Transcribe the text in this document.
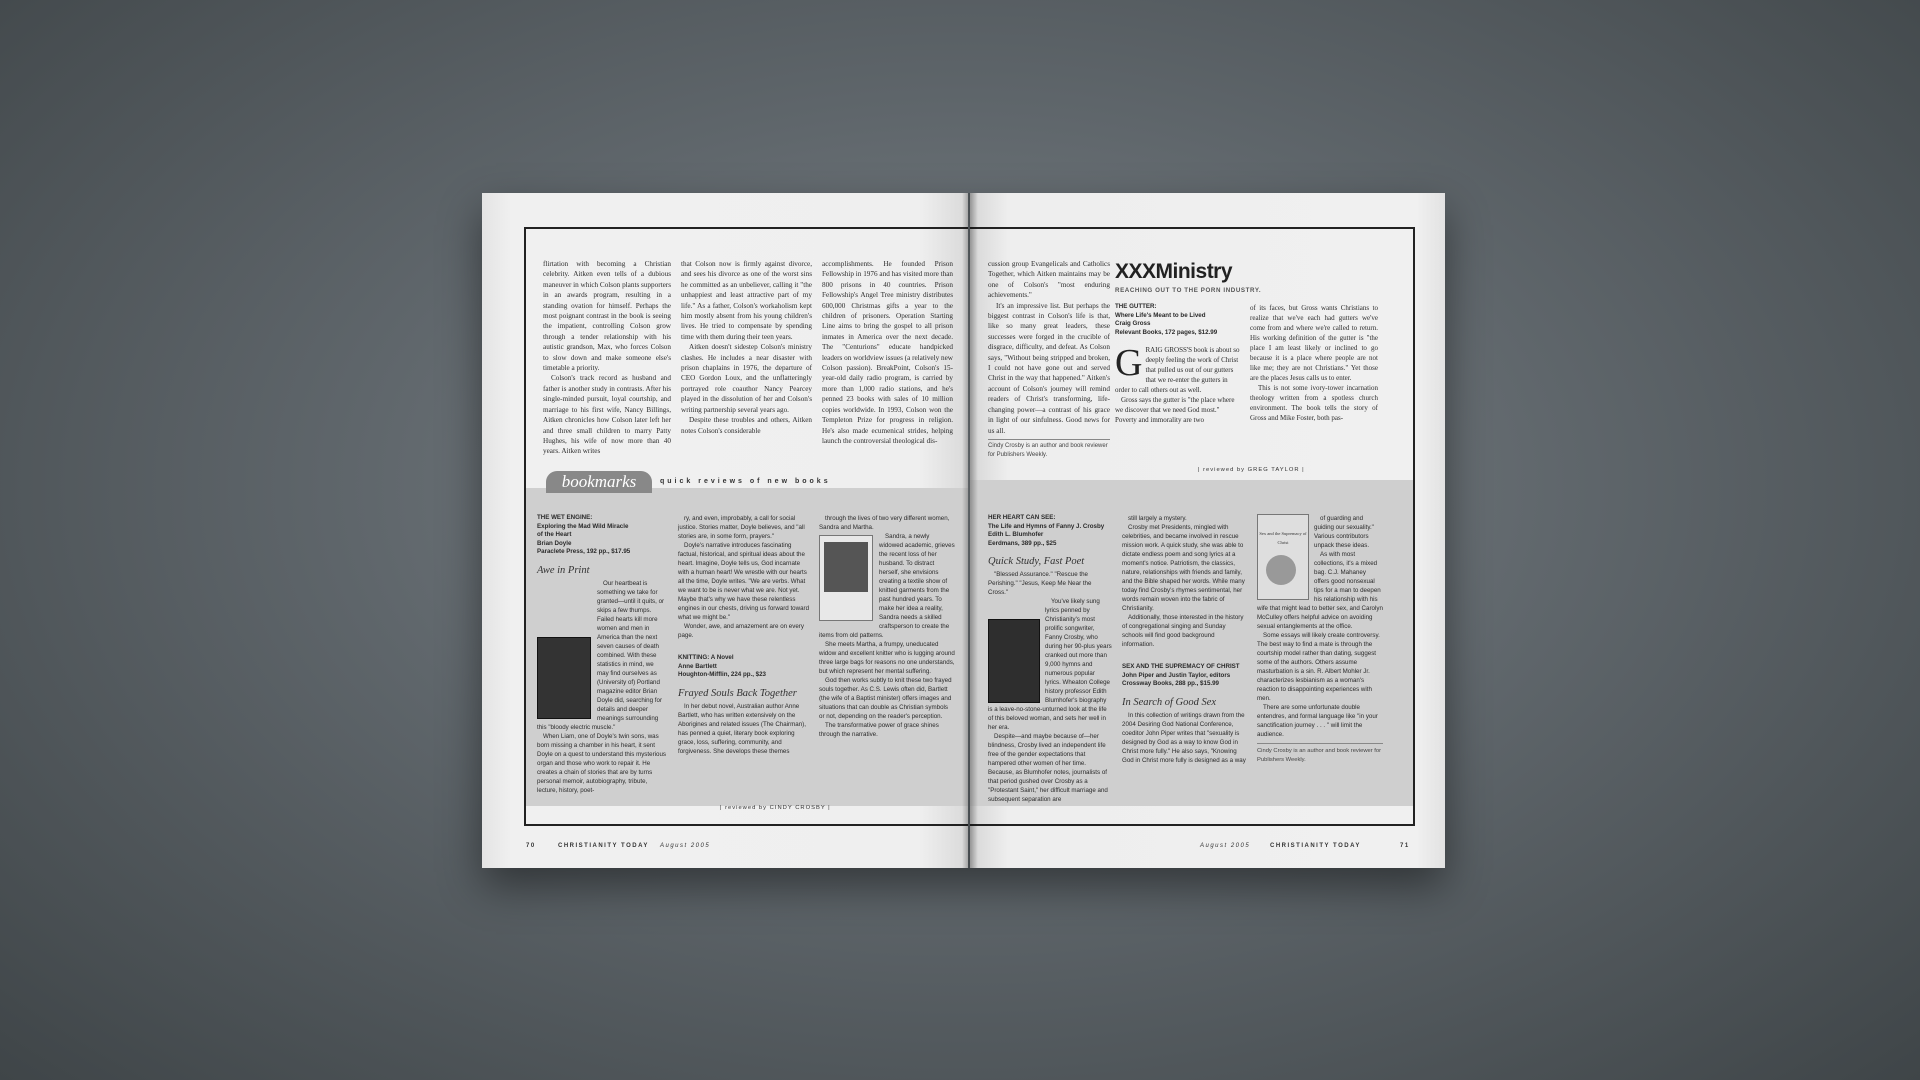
flirtation with becoming a Christian celebrity. Aitken even tells of a dubious maneuver in which Colson plants supporters in an awards program, resulting in a standing ovation for himself. Perhaps the most poignant contrast in the book is seeing the impatient, controlling Colson grow through a tender relationship with his autistic grandson, Max, who forces Colson to slow down and make someone else's timetable a priority.

Colson's track record as husband and father is another study in contrasts. After his single-minded pursuit, loyal courtship, and marriage to his first wife, Nancy Billings, Aitken chronicles how Colson later left her and three small children to marry Patty Hughes, his wife of now more than 40 years. Aitken writes

that Colson now is firmly against divorce, and sees his divorce as one of the worst sins he committed as an unbeliever, calling it "the unhappiest and least attractive part of my life." As a father, Colson's workaholism kept him mostly absent from his young children's lives. He tried to compensate by spending time with them during their teen years.

Aitken doesn't sidestep Colson's ministry clashes. He includes a near disaster with prison chaplains in 1976, the departure of CEO Gordon Loux, and the unflatteringly portrayed role coauthor Nancy Pearcey played in the dissolution of her and Colson's writing partnership several years ago.

Despite these troubles and others, Aitken notes Colson's considerable

accomplishments. He founded Prison Fellowship in 1976 and has visited more than 800 prisons in 40 countries. Prison Fellowship's Angel Tree ministry distributes 600,000 Christmas gifts a year to the children of prisoners. Operation Starting Line aims to bring the gospel to all prison inmates in America over the next decade. The "Centurions" educate handpicked leaders on worldview issues (a relatively new Colson passion). BreakPoint, Colson's 15-year-old daily radio program, is carried by more than 1,000 radio stations, and he's penned 23 books with sales of 10 million copies worldwide. In 1993, Colson won the Templeton Prize for progress in religion. He's also made ecumenical strides, helping launch the controversial theological dis-

bookmarks	quick reviews of new books
THE WET ENGINE:
Exploring the Mad Wild Miracle
of the Heart
Brian Doyle
Paraclete Press, 192 pp., $17.95
Awe in Print

Our heartbeat is something we take for granted—until it quits, or skips a few thumps. Failed hearts kill more women and men in America than the next seven causes of death combined. With these statistics in mind, we may find ourselves as (University of) Portland magazine editor Brian Doyle did, searching for details and deeper meanings surrounding this "bloody electric muscle."

When Liam, one of Doyle's twin sons, was born missing a chamber in his heart, it sent Doyle on a quest to understand this mysterious organ and those who work to repair it. He creates a chain of stories that are by turns personal memoir, autobiography, tribute, lecture, history, poet-

ry, and even, improbably, a call for social justice. Stories matter, Doyle believes, and "all stories are, in some form, prayers."

Doyle's narrative introduces fascinating factual, historical, and spiritual ideas about the heart. Imagine, Doyle tells us, God incarnate with a human heart! We wrestle with our hearts all the time, Doyle writes. "We are verbs. What we want to be is never what we are. Not yet. Maybe that's why we have these relentless engines in our chests, driving us forward toward what we might be."

Wonder, awe, and amazement are on every page.

KNITTING: A Novel
Anne Bartlett
Houghton-Mifflin, 224 pp., $23
Frayed Souls Back Together

In her debut novel, Australian author Anne Bartlett, who has written extensively on the Aborigines and related issues (The Chairman), has penned a quiet, literary book exploring grace, loss, suffering, community, and forgiveness. She develops these themes

through the lives of two very different women, Sandra and Martha.

Sandra, a newly widowed academic, grieves the recent loss of her husband. To distract herself, she envisions creating a textile show of knitted garments from the past hundred years. To make her idea a reality, Sandra needs a skilled craftsperson to create the items from old patterns.

She meets Martha, a frumpy, uneducated widow and excellent knitter who is lugging around three large bags for reasons no one understands, but which represent her mental suffering.

God then works subtly to knit these two frayed souls together. As C.S. Lewis often did, Bartlett (the wife of a Baptist minister) offers images and situations that can double as Christian symbols or not, depending on the reader's perception.

The transformative power of grace shines through the narrative.

| reviewed by CINDY CROSBY |
70	CHRISTIANITY TODAY August 2005

cussion group Evangelicals and Catholics Together, which Aitken maintains may be one of Colson's "most enduring achievements."

It's an impressive list. But perhaps the biggest contrast in Colson's life is that, like so many great leaders, these successes were forged in the crucible of disgrace, difficulty, and defeat. As Colson says, "Without being stripped and broken, I could not have gone out and served Christ in the way that happened." Aitken's account of Colson's journey will remind readers of Christ's transforming, life-changing power—a contrast of his grace in light of our sinfulness. Good news for us all.

Cindy Crosby is an author and book reviewer for Publishers Weekly.
XXXMinistry
REACHING OUT TO THE PORN INDUSTRY.
THE GUTTER:
Where Life's Meant to be Lived
Craig Gross
Relevant Books, 172 pages, $12.99
GRAIG GROSS'S book is about so deeply feeling the work of Christ that pulled us out of our gutters that we re-enter the gutters in order to call others out as well.

Gross says the gutter is "the place where we discover that we need God most." Poverty and immorality are two

of its faces, but Gross wants Christians to realize that we've each had gutters we've come from and where we're called to return. His working definition of the gutter is "the place I am least likely or inclined to go because it is a place where people are not like me; they are not Christians." Yet those are the places Jesus calls us to enter.

This is not some ivory-tower incarnation theology written from a spotless church environment. The book tells the story of Gross and Mike Foster, both pas-

| reviewed by GREG TAYLOR |
HER HEART CAN SEE:
The Life and Hymns of Fanny J. Crosby
Edith L. Blumhofer
Eerdmans, 389 pp., $25
Quick Study, Fast Poet

"Blessed Assurance." "Rescue the Perishing." "Jesus, Keep Me Near the Cross."

You've likely sung lyrics penned by Christianity's most prolific songwriter, Fanny Crosby, who during her 90-plus years cranked out more than 9,000 hymns and numerous popular lyrics. Wheaton College history professor Edith Blumhofer's biography is a leave-no-stone-unturned look at the life of this beloved woman, and sets her well in her era.

Despite—and maybe because of—her blindness, Crosby lived an independent life free of the gender expectations that hampered other women of her time. Because, as Blumhofer notes, journalists of that period gushed over Crosby as a "Protestant Saint," her difficult marriage and subsequent separation are

still largely a mystery.

Crosby met Presidents, mingled with celebrities, and became involved in rescue mission work. A quick study, she was able to dictate endless poem and song lyrics at a moment's notice. Patriotism, the classics, nature, relationships with friends and family, and the Bible shaped her words. While many today find Crosby's rhymes sentimental, her words remain woven into the fabric of Christianity.

Additionally, those interested in the history of congregational singing and Sunday schools will find good background information.

SEX AND THE SUPREMACY OF CHRIST
John Piper and Justin Taylor, editors
Crossway Books, 288 pp., $15.99
In Search of Good Sex

In this collection of writings drawn from the 2004 Desiring God National Conference, coeditor John Piper writes that "sexuality is designed by God as a way to know God in Christ more fully." He also says, "Knowing God in Christ more fully is designed as a way

Sex and the Supremacy of Christ

of guarding and guiding our sexuality." Various contributors unpack these ideas.

As with most collections, it's a mixed bag. C.J. Mahaney offers good nonsexual tips for a man to deepen his relationship with his wife that might lead to better sex, and Carolyn McCulley offers helpful advice on avoiding sexual entanglements at the office.

Some essays will likely create controversy. The best way to find a mate is through the courtship model rather than dating, suggest some of the authors. Others assume masturbation is a sin. R. Albert Mohler Jr. characterizes lesbianism as a woman's reaction to disappointing experiences with men.

There are some unfortunate double entendres, and formal language like "in your sanctification journey . . . " will limit the audience.

Cindy Crosby is an author and book reviewer for Publishers Weekly.
August 2005	CHRISTIANITY TODAY	71
